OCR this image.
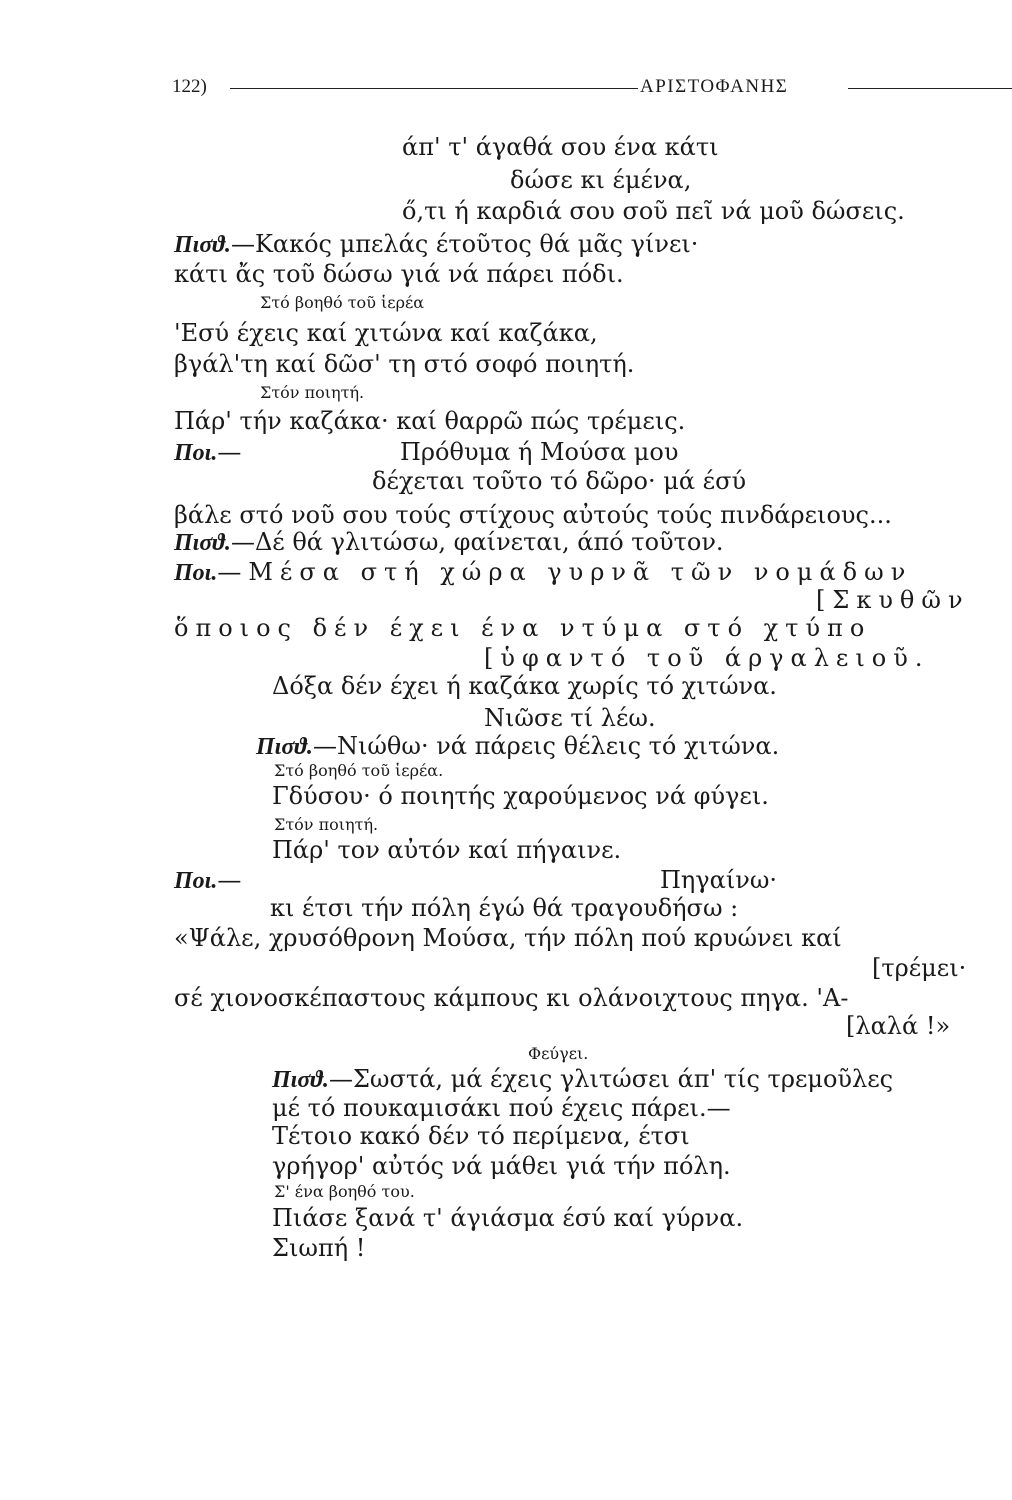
122)	ΑΡΙΣΤΟΦΑΝΗΣ
άπ' τ' άγαθά σου ένα κάτι
δώσε κι έμένα,
ő,τι ή καρδιά σου σοῦ πεῖ νά μοῦ δώσεις.
Πισϑ.—Κακός μπελάς έτοῦτος θά μᾶς γίνει·
κάτι ἄς τοῦ δώσω γιά νά πάρει πόδι.
Στό βοηθό τοῦ ἱερέα
'Εσύ έχεις καί χιτώνα καί καζάκα,
βγάλ'τη καί δῶσ' τη στό σοφό ποιητή.
Στόν ποιητή.
Πάρ' τήν καζάκα· καί θαρρῶ πώς τρέμεις.
Ποι.—	Πρόθυμα ή Μούσα μου
δέχεται τοῦτο τό δῶρο· μά έσύ
βάλε στό νοῦ σου τούς στίχους αὐτούς τούς πινδάρειους...
Πισϑ.—Δέ θά γλιτώσω, φαίνεται, άπό τοῦτον.
Ποι.—Μέσα στή χώρα γυρνᾶ τῶν νομάδων
[Σκυθῶν
ὅποιος δέν έχει ένα ντύμα στό χτύπο
[ὑφαντό τοῦ άργαλειοῦ.
Δόξα δέν έχει ή καζάκα χωρίς τό χιτώνα.
Νιῶσε τί λέω.
Πισϑ.—Νιώθω· νά πάρεις θέλεις τό χιτώνα.
Στό βοηθό τοῦ ἱερέα.
Γδύσου· ό ποιητής χαρούμενος νά φύγει.
Στόν ποιητή.
Πάρ' τον αὐτόν καί πήγαινε.
Ποι.—	Πηγαίνω·
κι έτσι τήν πόλη έγώ θά τραγουδήσω :
«Ψάλε, χρυσόθρονη Μούσα, τήν πόλη πού κρυώνει καί
[τρέμει·
σέ χιονοσκέπαστους κάμπους κι ολάνοιχτους πηγα. 'Α-
[λαλά !»
Φεύγει.
Πισϑ.—Σωστά, μά έχεις γλιτώσει άπ' τίς τρεμοῦλες
μέ τό πουκαμισάκι πού έχεις πάρει.—
Τέτοιο κακό δέν τό περίμενα, έτσι
γρήγορ' αὐτός νά μάθει γιά τήν πόλη.
Σ' ένα βοηθό του.
Πιάσε ξανά τ' άγιάσμα έσύ καί γύρνα.
Σιωπή !
